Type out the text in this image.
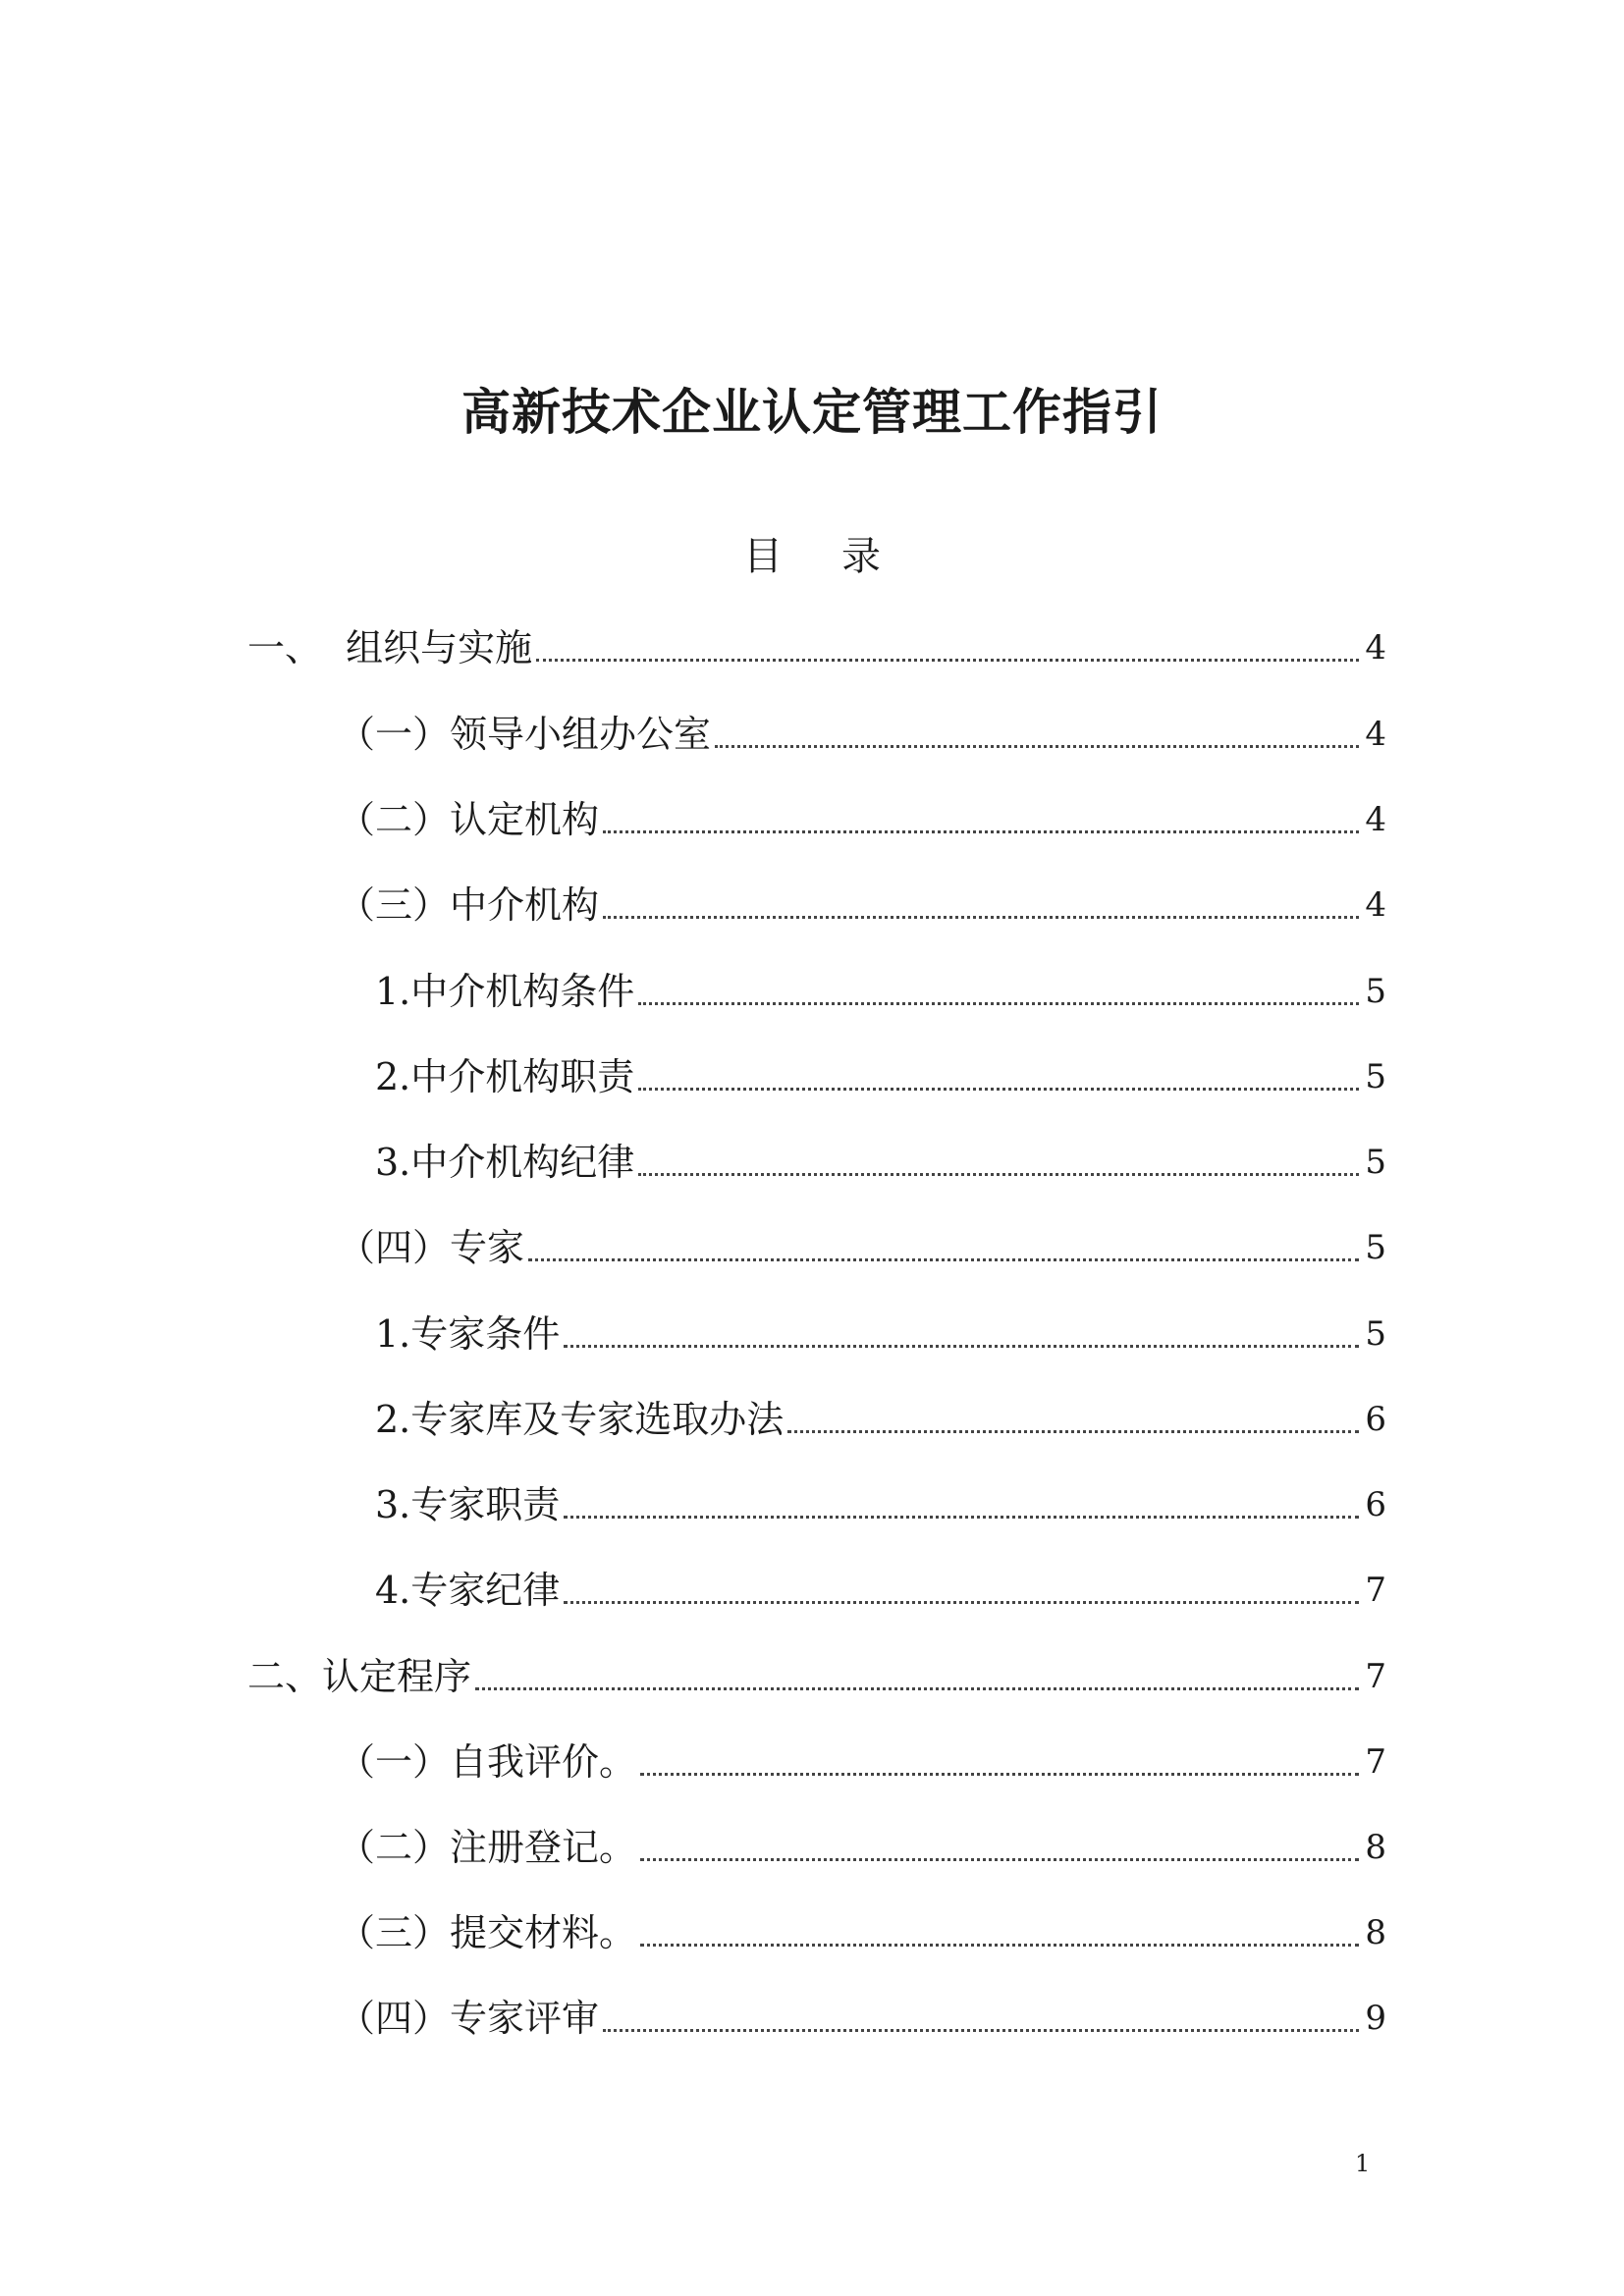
高新技术企业认定管理工作指引
目 录
一、 组织与实施	4
（一）领导小组办公室	4
（二）认定机构	4
（三）中介机构	4
1.中介机构条件	5
2.中介机构职责	5
3.中介机构纪律	5
（四）专家	5
1.专家条件	5
2.专家库及专家选取办法	6
3.专家职责	6
4.专家纪律	7
二、认定程序	7
（一）自我评价。	7
（二）注册登记。	8
（三）提交材料。	8
（四）专家评审	9
1
